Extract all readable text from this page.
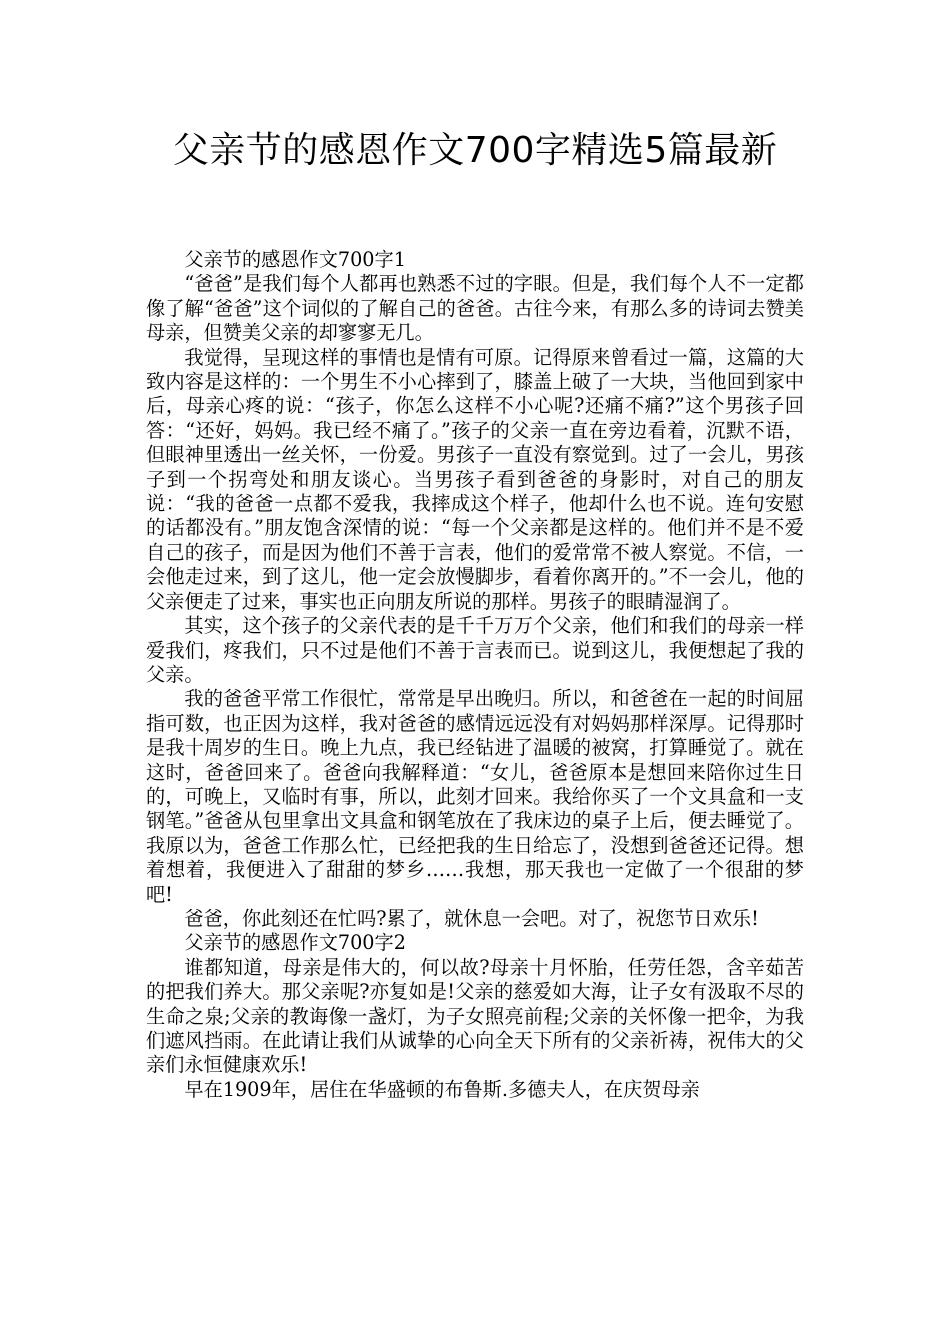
父亲节的感恩作文700字精选5篇最新

父亲节的感恩作文700字1

“爸爸”是我们每个人都再也熟悉不过的字眼。但是，我们每个人不一定都像了解“爸爸”这个词似的了解自己的爸爸。古往今来，有那么多的诗词去赞美母亲，但赞美父亲的却寥寥无几。

我觉得，呈现这样的事情也是情有可原。记得原来曾看过一篇，这篇的大致内容是这样的：一个男生不小心摔到了，膝盖上破了一大块，当他回到家中后，母亲心疼的说：“孩子，你怎么这样不小心呢?还痛不痛?”这个男孩子回答：“还好，妈妈。我已经不痛了。”孩子的父亲一直在旁边看着，沉默不语，但眼神里透出一丝关怀，一份爱。男孩子一直没有察觉到。过了一会儿，男孩子到一个拐弯处和朋友谈心。当男孩子看到爸爸的身影时，对自己的朋友说：“我的爸爸一点都不爱我，我摔成这个样子，他却什么也不说。连句安慰的话都没有。”朋友饱含深情的说：“每一个父亲都是这样的。他们并不是不爱自己的孩子，而是因为他们不善于言表，他们的爱常常不被人察觉。不信，一会他走过来，到了这儿，他一定会放慢脚步，看着你离开的。”不一会儿，他的父亲便走了过来，事实也正向朋友所说的那样。男孩子的眼睛湿润了。

其实，这个孩子的父亲代表的是千千万万个父亲，他们和我们的母亲一样爱我们，疼我们，只不过是他们不善于言表而已。说到这儿，我便想起了我的父亲。

我的爸爸平常工作很忙，常常是早出晚归。所以，和爸爸在一起的时间屈指可数，也正因为这样，我对爸爸的感情远远没有对妈妈那样深厚。记得那时是我十周岁的生日。晚上九点，我已经钻进了温暖的被窝，打算睡觉了。就在这时，爸爸回来了。爸爸向我解释道：“女儿，爸爸原本是想回来陪你过生日的，可晚上，又临时有事，所以，此刻才回来。我给你买了一个文具盒和一支钢笔。”爸爸从包里拿出文具盒和钢笔放在了我床边的桌子上后，便去睡觉了。我原以为，爸爸工作那么忙，已经把我的生日给忘了，没想到爸爸还记得。想着想着，我便进入了甜甜的梦乡……我想，那天我也一定做了一个很甜的梦吧!

爸爸，你此刻还在忙吗?累了，就休息一会吧。对了，祝您节日欢乐!

父亲节的感恩作文700字2

谁都知道，母亲是伟大的，何以故?母亲十月怀胎，任劳任怨，含辛茹苦的把我们养大。那父亲呢?亦复如是!父亲的慈爱如大海，让子女有汲取不尽的生命之泉;父亲的教诲像一盏灯，为子女照亮前程;父亲的关怀像一把伞，为我们遮风挡雨。在此请让我们从诚挚的心向全天下所有的父亲祈祷，祝伟大的父亲们永恒健康欢乐!

早在1909年，居住在华盛顿的布鲁斯.多德夫人，在庆贺母亲
